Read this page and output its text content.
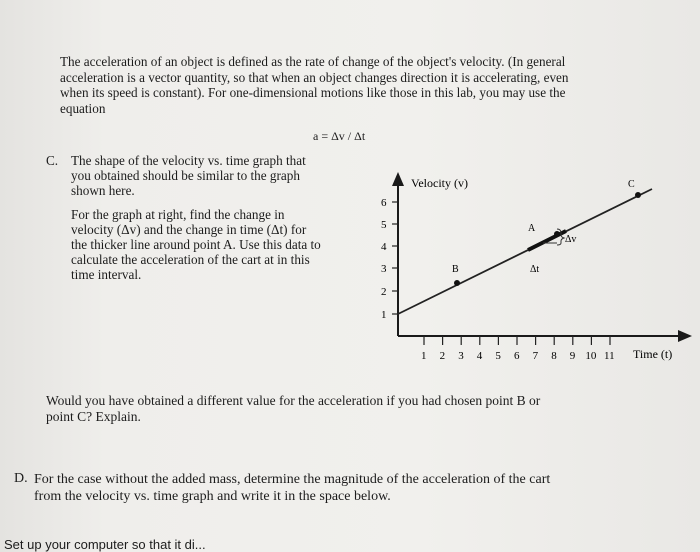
The acceleration of an object is defined as the rate of change of the object's velocity. (In general
acceleration is a vector quantity, so that when an object changes direction it is accelerating, even
when its speed is constant). For one-dimensional motions like those in this lab, you may use the
equation
a = Δv / Δt
C. The shape of the velocity vs. time graph that
you obtained should be similar to the graph
shown here.
For the graph at right, find the change in
velocity (Δv) and the change in time (Δt) for
the thicker line around point A. Use this data to
calculate the acceleration of the cart at in this
time interval.
Velocity (v)
Time (t)
1
2
3
4
5
6
1 2 3 4 5 6 7 8 9 10 11
Δv
Δt
B
A
C
Would you have obtained a different value for the acceleration if you had chosen point B or
point C? Explain.
D. For the case without the added mass, determine the magnitude of the acceleration of the cart
from the velocity vs. time graph and write it in the space below.
Set up your computer so that it di...
